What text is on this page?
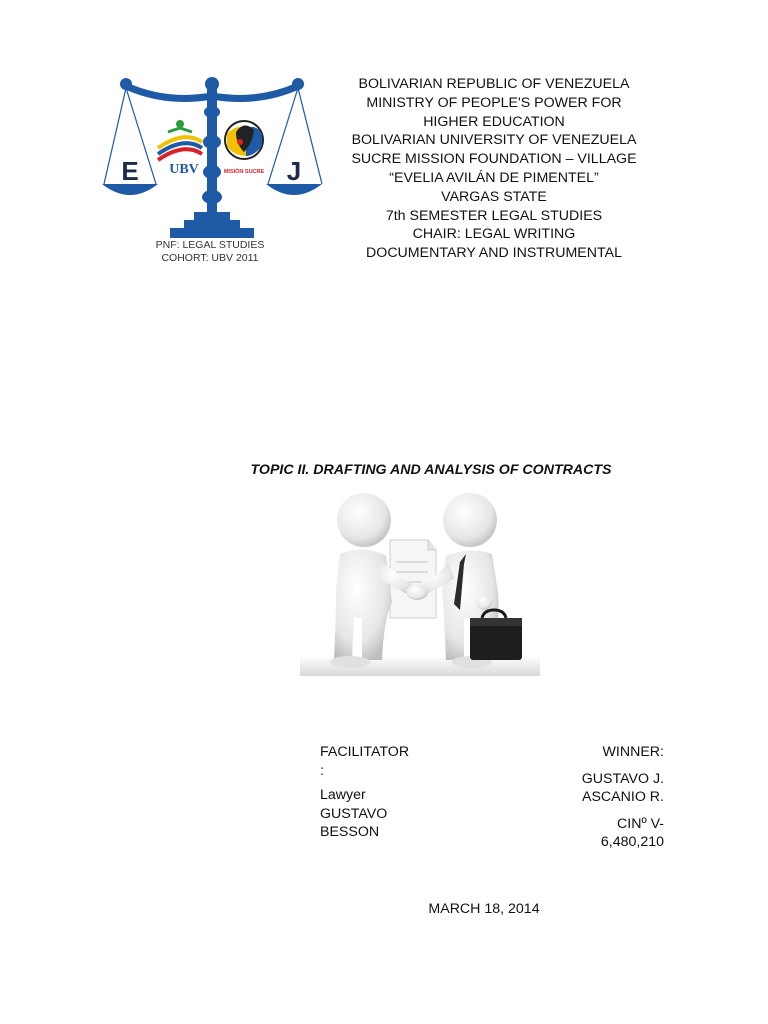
E	J
UBV	MISIÓN SUCRE
PNF: LEGAL STUDIES
COHORT: UBV 2011
BOLIVARIAN REPUBLIC OF VENEZUELA
MINISTRY OF PEOPLE'S POWER FOR
HIGHER EDUCATION
BOLIVARIAN UNIVERSITY OF VENEZUELA
SUCRE MISSION FOUNDATION – VILLAGE
“EVELIA AVILÁN DE PIMENTEL”
VARGAS STATE
7th SEMESTER LEGAL STUDIES
CHAIR: LEGAL WRITING
DOCUMENTARY AND INSTRUMENTAL
TOPIC II. DRAFTING AND ANALYSIS OF CONTRACTS
FACILITATOR
:
Lawyer
GUSTAVO
BESSON
WINNER:
GUSTAVO J.
ASCANIO R.
CINº V-
6,480,210
MARCH 18, 2014
